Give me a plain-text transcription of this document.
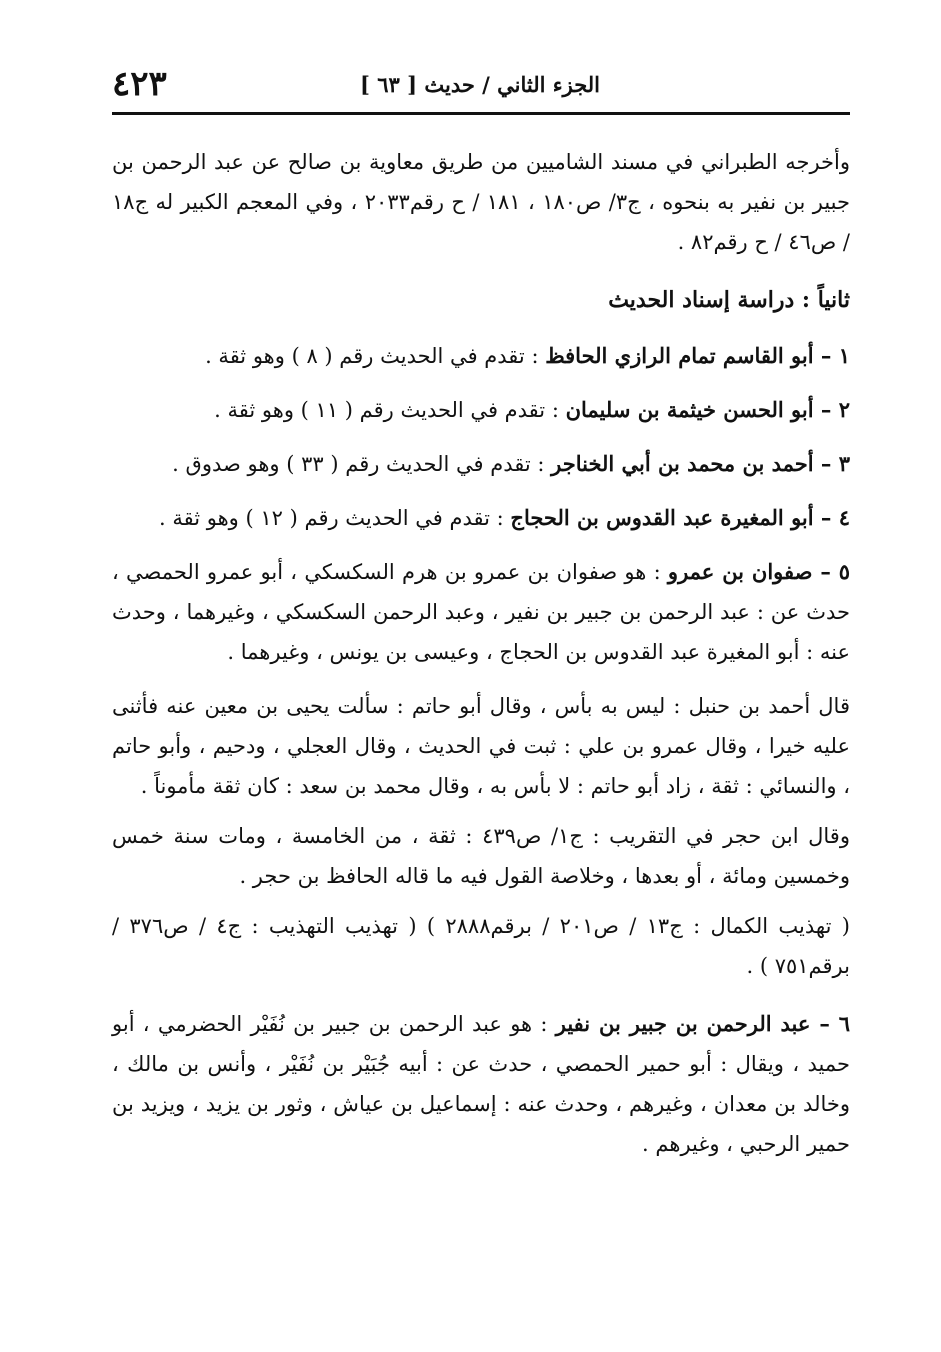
الجزء الثاني / حديث [ ٦٣ ]
٤٢٣

وأخرجه الطبراني في مسند الشاميين من طريق معاوية بن صالح عن عبد الرحمن بن جبير بن نفير به بنحوه ، ج٣/ ص١٨٠ ، ١٨١ / ح رقم٢٠٣٣ ، وفي المعجم الكبير له ج١٨ / ص٤٦ / ح رقم٨٢ .

ثانياً : دراسة إسناد الحديث

١ – أبو القاسم تمام الرازي الحافظ : تقدم في الحديث رقم ( ٨ ) وهو ثقة .

٢ – أبو الحسن خيثمة بن سليمان : تقدم في الحديث رقم ( ١١ ) وهو ثقة .

٣ – أحمد بن محمد بن أبي الخناجر : تقدم في الحديث رقم ( ٣٣ ) وهو صدوق .

٤ – أبو المغيرة عبد القدوس بن الحجاج : تقدم في الحديث رقم ( ١٢ ) وهو ثقة .

٥ – صفوان بن عمرو : هو صفوان بن عمرو بن هرم السكسكي ، أبو عمرو الحمصي ، حدث عن : عبد الرحمن بن جبير بن نفير ، وعبد الرحمن السكسكي ، وغيرهما ، وحدث عنه : أبو المغيرة عبد القدوس بن الحجاج ، وعيسى بن يونس ، وغيرهما .

قال أحمد بن حنبل : ليس به بأس ، وقال أبو حاتم : سألت يحيى بن معين عنه فأثنى عليه خيرا ، وقال عمرو بن علي : ثبت في الحديث ، وقال العجلي ، ودحيم ، وأبو حاتم ، والنسائي : ثقة ، زاد أبو حاتم : لا بأس به ، وقال محمد بن سعد : كان ثقة مأموناً .

وقال ابن حجر في التقريب : ج١/ ص٤٣٩ : ثقة ، من الخامسة ، ومات سنة خمس وخمسين ومائة ، أو بعدها ، وخلاصة القول فيه ما قاله الحافظ بن حجر .

( تهذيب الكمال : ج١٣ / ص٢٠١ / برقم٢٨٨٨ ) ( تهذيب التهذيب : ج٤ / ص٣٧٦ / برقم٧٥١ ) .

٦ – عبد الرحمن بن جبير بن نفير : هو عبد الرحمن بن جبير بن نُفَيْر الحضرمي ، أبو حميد ، ويقال : أبو حمير الحمصي ، حدث عن : أبيه جُبَيْر بن نُفَيْر ، وأنس بن مالك ، وخالد بن معدان ، وغيرهم ، وحدث عنه : إسماعيل بن عياش ، وثور بن يزيد ، ويزيد بن حمير الرحبي ، وغيرهم .
